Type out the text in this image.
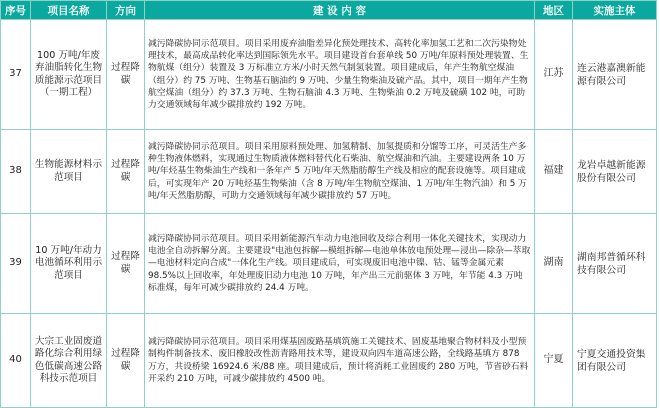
序号	项目名称	方向	建 设 内 容	地区	实施主体
37	100 万吨/年废弃油脂转化生物质能源示范项目（一期工程）	过程降碳	减污降碳协同示范项目。项目采用废弃油脂差异化预处理技术、高转化率加氢工艺和二次污染物处理技术，最高成品转化率达到国际领先水平。项目建设首台套单线 50 万吨/年原料预处理装置、生物航煤（组分）装置及 3 万标准立方米/小时天然气制氢装置。项目建成后，年产生物航空煤油（组分）约 75 万吨、生物基石脑油约 9 万吨、少量生物柴油及硫产品。其中，项目一期年产生物航空煤油（组分）约 37.3 万吨、生物石脑油 4.3 万吨、生物柴油 0.2 万吨及硫磺 102 吨，可助力交通领域每年减少碳排放约 192 万吨。	江苏	连云港嘉澳新能源有限公司
38	生物能源材料示范项目	过程降碳	减污降碳协同示范项目。项目采用原料预处理、加氢精制、加氢提质和分馏等工序，可灵活生产多种生物液体燃料，实现通过生物质液体燃料替代化石柴油、航空煤油和汽油。主要建设两条 10 万吨/年烃基生物柴油生产线和一条年产 5 万吨/年天然脂肪醇生产线及相应的配套设施等。项目建成后，可实现年产 20 万吨烃基生物柴油（含 8 万吨/年生物航空煤油、1 万吨/年生物汽油）和 5 万吨/年天然脂肪醇，可助力交通领域每年减少碳排放约 57 万吨。	福建	龙岩卓越新能源股份有限公司
39	10 万吨/年动力电池循环利用示范项目	过程降碳	减污降碳协同示范项目。项目采用新能源汽车动力电池回收及综合利用一体化关键技术，实现动力电池全自动拆解分离。主要建设"电池包拆解—模组拆解—电池单体放电预处理—浸出—除杂—萃取—电池材料定向合成"一体化生产线。项目建成后，可实现废旧电池中镍、钴、锰等金属元素 98.5%以上回收率，年处理废旧动力电池 10 万吨，年产出三元前驱体 3 万吨，年节能 4.3 万吨标准煤，每年可减少碳排放约 24.4 万吨。	湖南	湖南邦普循环科技有限公司
40	大宗工业固废道路化综合利用绿色低碳高速公路科技示范项目	过程降碳	减污降碳协同示范项目。项目采用煤基固废路基填筑施工关键技术、固废基地聚合物材料及小型预制构件制备技术、废旧橡胶改性沥青路用技术等，建设双向四车道高速公路，全线路基填方 878 万方，共设桥梁 16924.6 米/88 座。项目建成后，预计将消耗工业固废约 280 万吨，节省砂石料开采约 210 万吨，可减少碳排放约 4500 吨。	宁夏	宁夏交通投资集团有限公司
